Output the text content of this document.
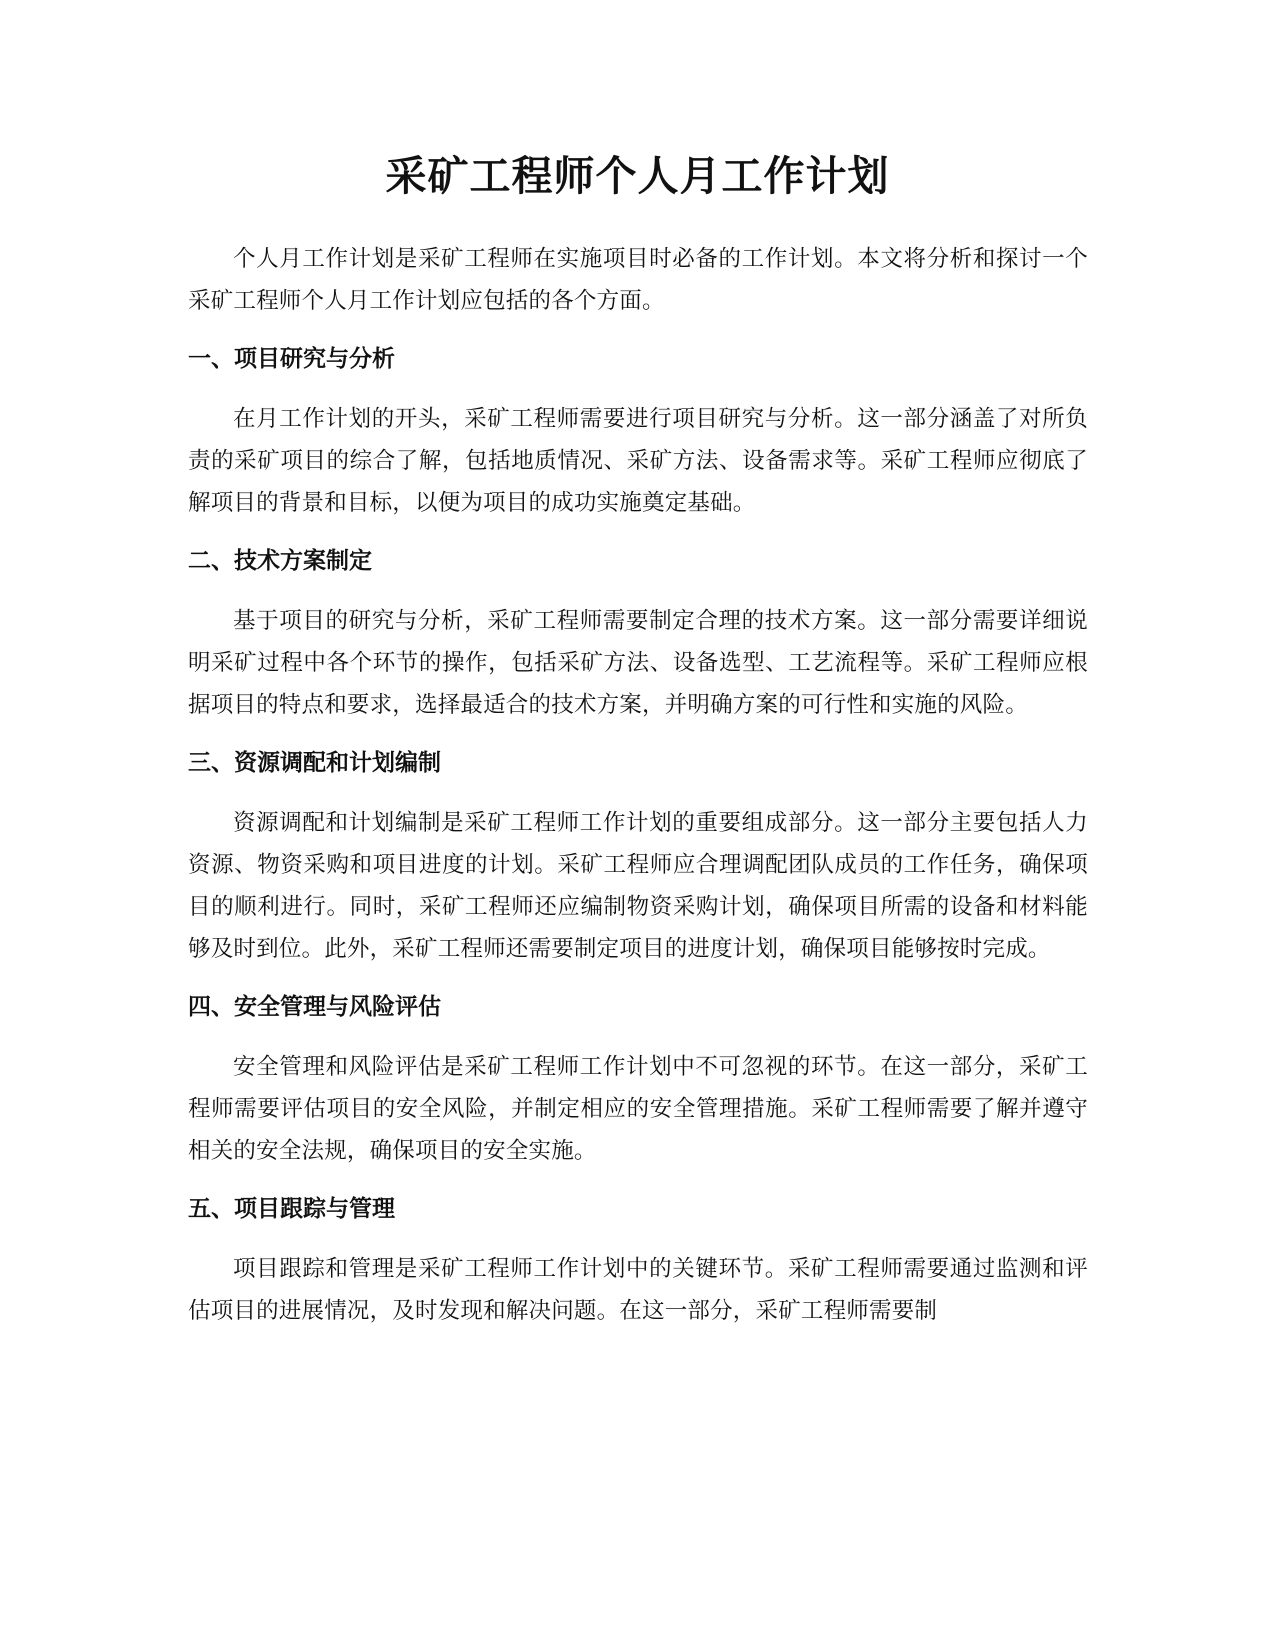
采矿工程师个人月工作计划

个人月工作计划是采矿工程师在实施项目时必备的工作计划。本文将分析和探讨一个采矿工程师个人月工作计划应包括的各个方面。

一、项目研究与分析

在月工作计划的开头，采矿工程师需要进行项目研究与分析。这一部分涵盖了对所负责的采矿项目的综合了解，包括地质情况、采矿方法、设备需求等。采矿工程师应彻底了解项目的背景和目标，以便为项目的成功实施奠定基础。

二、技术方案制定

基于项目的研究与分析，采矿工程师需要制定合理的技术方案。这一部分需要详细说明采矿过程中各个环节的操作，包括采矿方法、设备选型、工艺流程等。采矿工程师应根据项目的特点和要求，选择最适合的技术方案，并明确方案的可行性和实施的风险。

三、资源调配和计划编制

资源调配和计划编制是采矿工程师工作计划的重要组成部分。这一部分主要包括人力资源、物资采购和项目进度的计划。采矿工程师应合理调配团队成员的工作任务，确保项目的顺利进行。同时，采矿工程师还应编制物资采购计划，确保项目所需的设备和材料能够及时到位。此外，采矿工程师还需要制定项目的进度计划，确保项目能够按时完成。

四、安全管理与风险评估

安全管理和风险评估是采矿工程师工作计划中不可忽视的环节。在这一部分，采矿工程师需要评估项目的安全风险，并制定相应的安全管理措施。采矿工程师需要了解并遵守相关的安全法规，确保项目的安全实施。

五、项目跟踪与管理

项目跟踪和管理是采矿工程师工作计划中的关键环节。采矿工程师需要通过监测和评估项目的进展情况，及时发现和解决问题。在这一部分，采矿工程师需要制
